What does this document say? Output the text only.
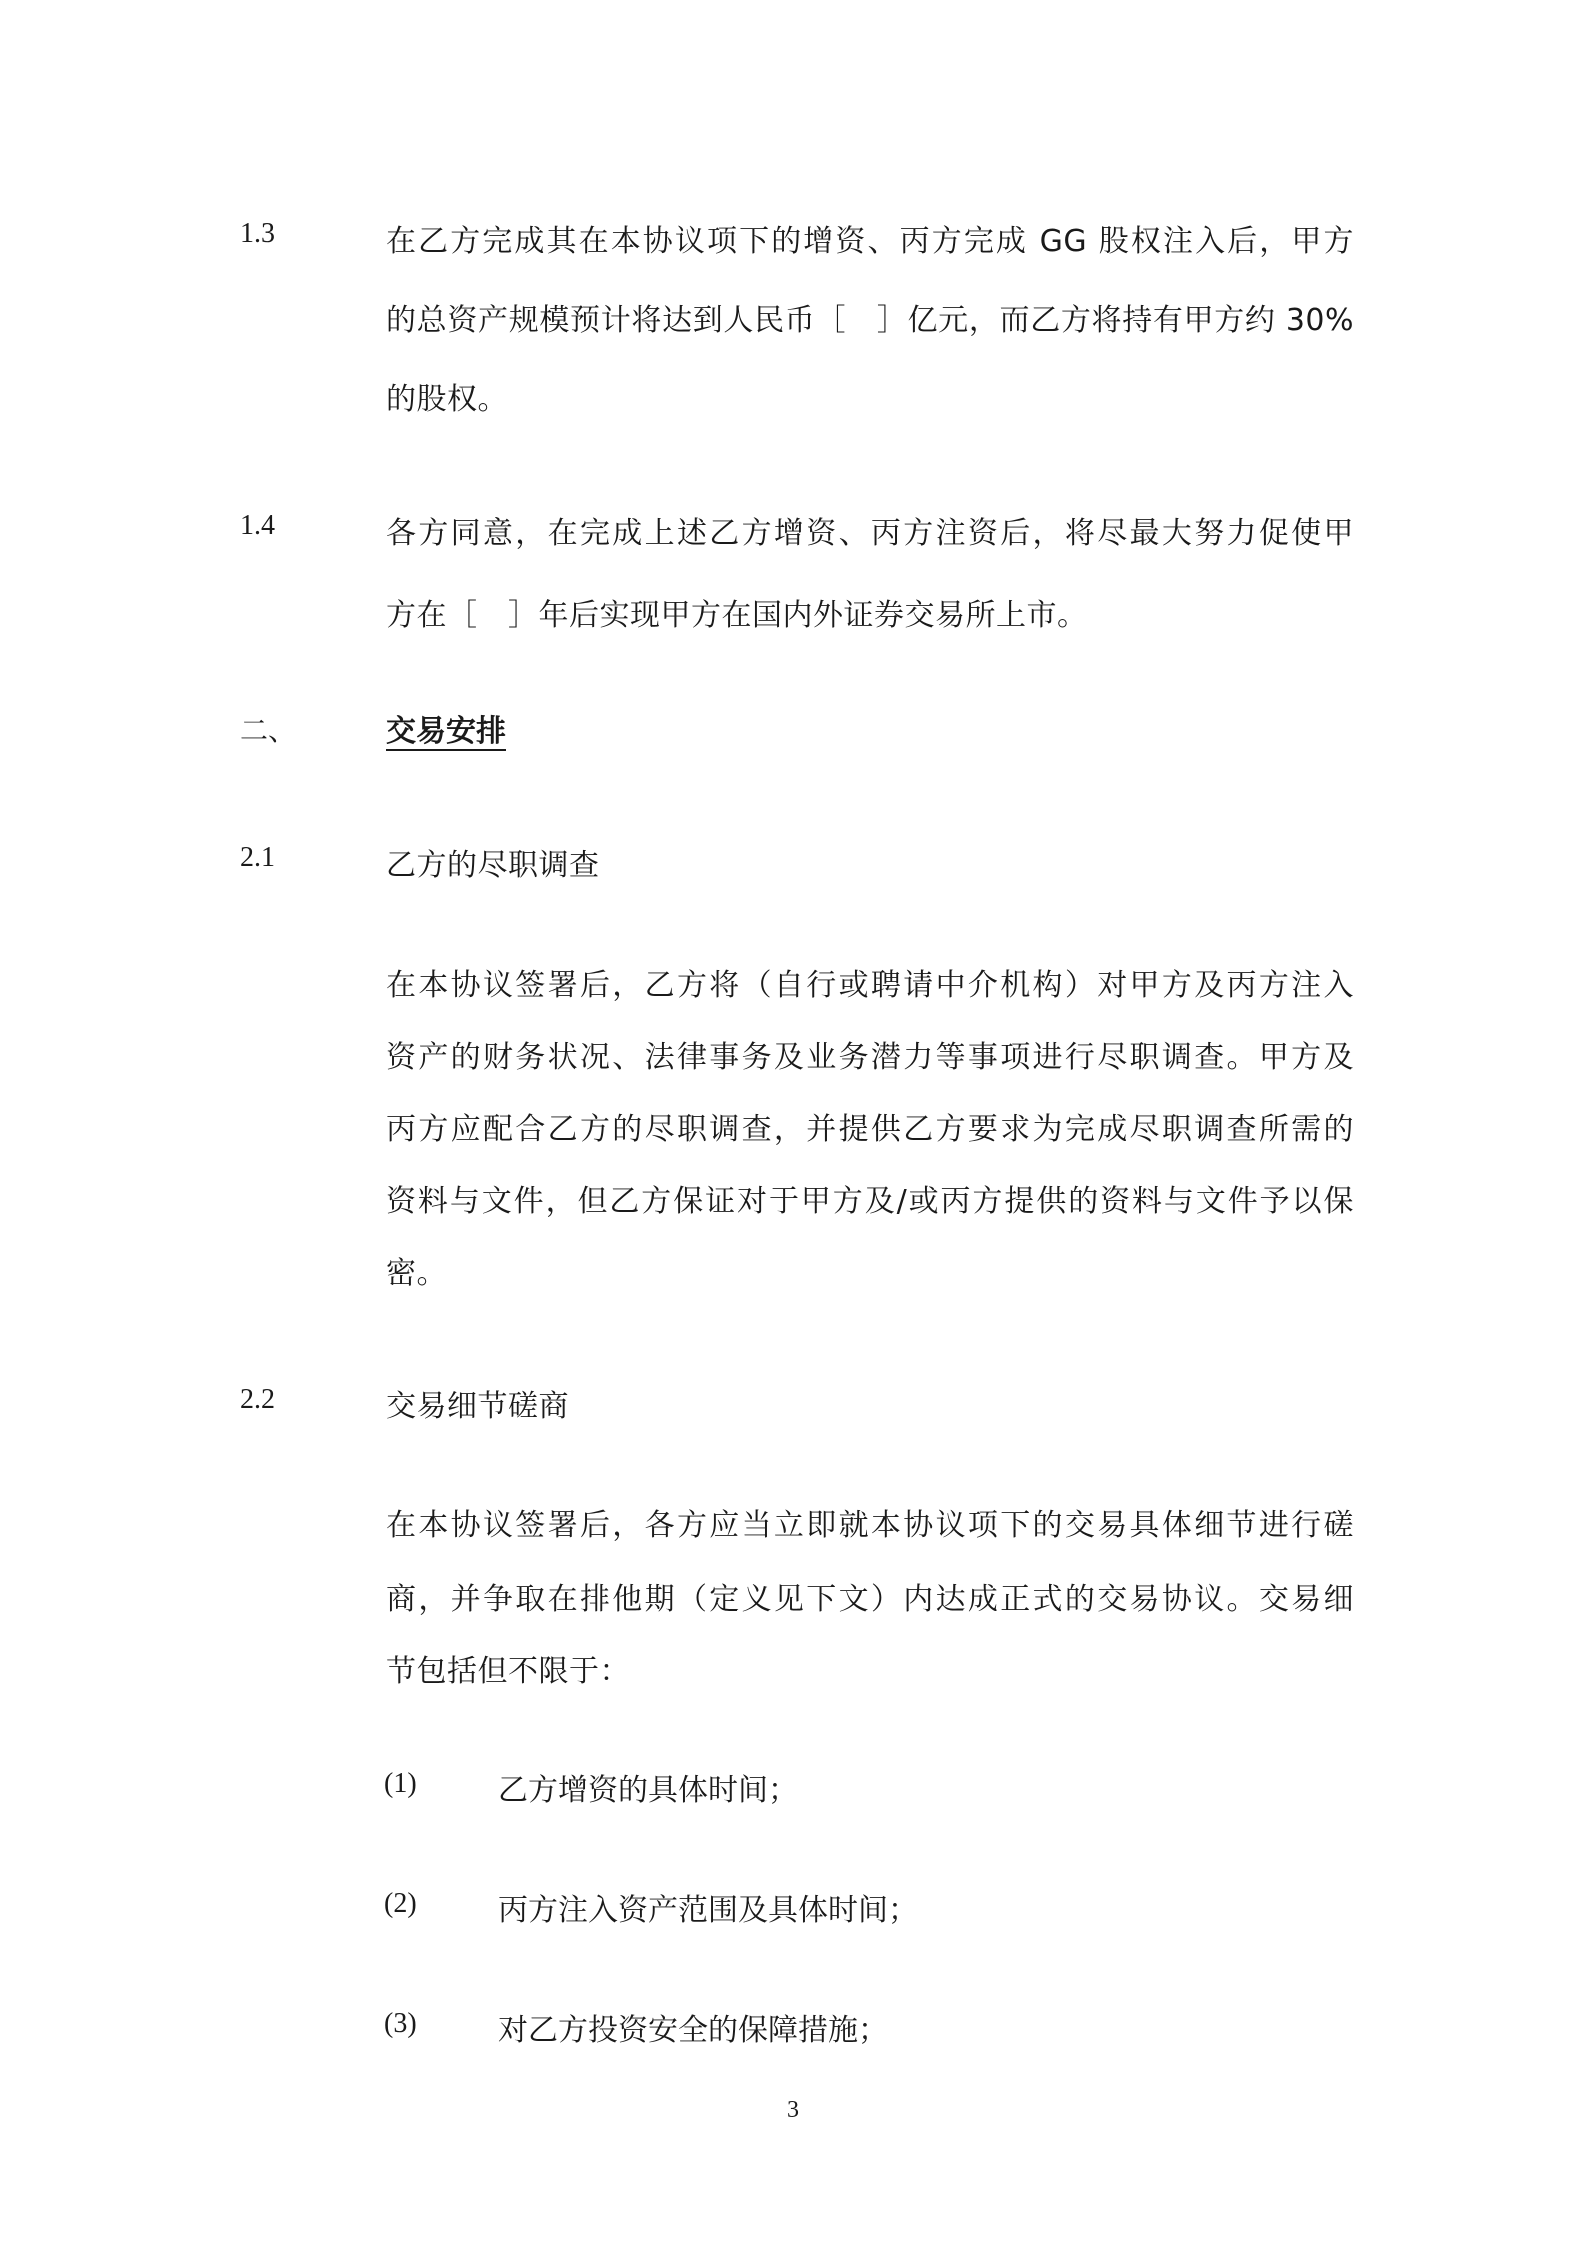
1.3	在乙方完成其在本协议项下的增资、丙方完成 GG 股权注入后，甲方
的总资产规模预计将达到人民币［　］亿元，而乙方将持有甲方约 30%
的股权。
1.4	各方同意，在完成上述乙方增资、丙方注资后，将尽最大努力促使甲
方在［　］年后实现甲方在国内外证券交易所上市。
二、	交易安排
2.1	乙方的尽职调查
在本协议签署后，乙方将（自行或聘请中介机构）对甲方及丙方注入
资产的财务状况、法律事务及业务潜力等事项进行尽职调查。甲方及
丙方应配合乙方的尽职调查，并提供乙方要求为完成尽职调查所需的
资料与文件，但乙方保证对于甲方及/或丙方提供的资料与文件予以保
密。
2.2	交易细节磋商
在本协议签署后，各方应当立即就本协议项下的交易具体细节进行磋
商，并争取在排他期（定义见下文）内达成正式的交易协议。交易细
节包括但不限于：
(1)	乙方增资的具体时间；
(2)	丙方注入资产范围及具体时间；
(3)	对乙方投资安全的保障措施；
3
